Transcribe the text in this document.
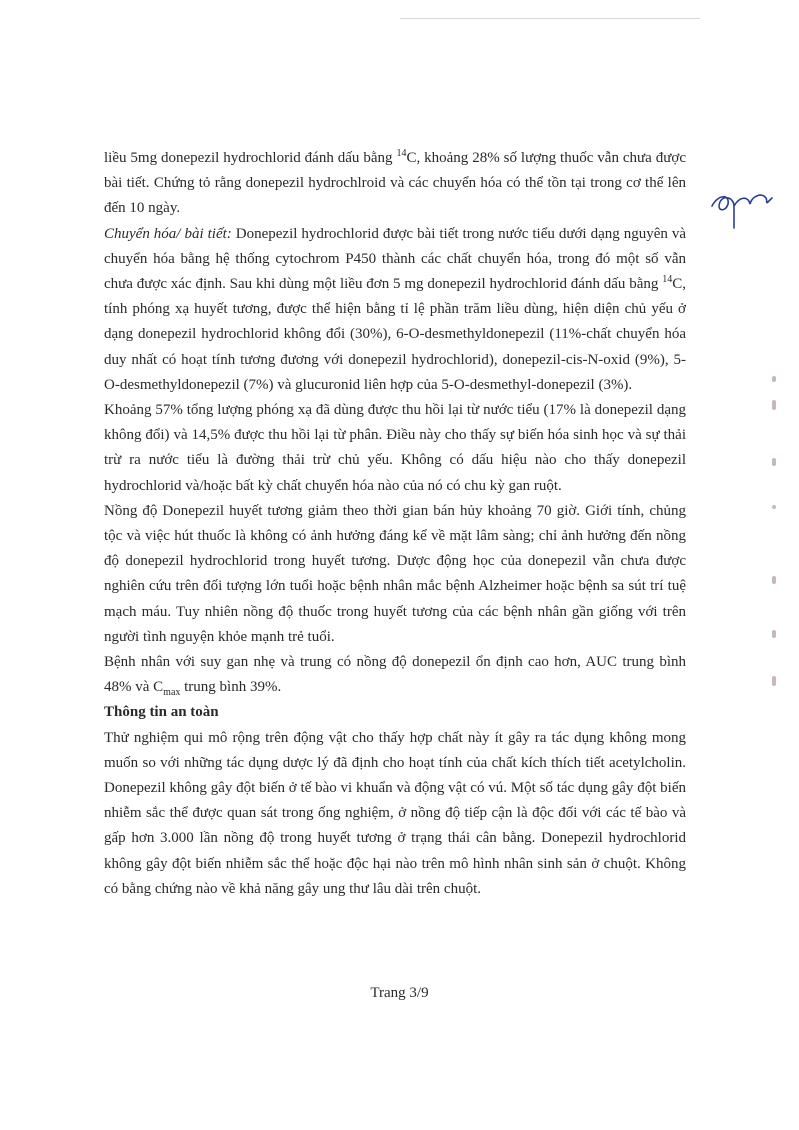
liều 5mg donepezil hydrochlorid đánh dấu bằng $^{14}$C, khoảng 28% số lượng thuốc vẫn chưa được bài tiết. Chứng tỏ rằng donepezil hydrochlroid và các chuyển hóa có thể tồn tại trong cơ thể lên đến 10 ngày.

Chuyển hóa/ bài tiết: Donepezil hydrochlorid được bài tiết trong nước tiểu dưới dạng nguyên và chuyển hóa bằng hệ thống cytochrom P450 thành các chất chuyển hóa, trong đó một số vẫn chưa được xác định. Sau khi dùng một liều đơn 5 mg donepezil hydrochlorid đánh dấu bằng $^{14}$C, tính phóng xạ huyết tương, được thể hiện bằng tỉ lệ phần trăm liều dùng, hiện diện chủ yếu ở dạng donepezil hydrochlorid không đổi (30%), 6-O-desmethyldonepezil (11%-chất chuyển hóa duy nhất có hoạt tính tương đương với donepezil hydrochlorid), donepezil-cis-N-oxid (9%), 5-O-desmethyldonepezil (7%) và glucuronid liên hợp của 5-O-desmethyl-donepezil (3%).

Khoảng 57% tổng lượng phóng xạ đã dùng được thu hồi lại từ nước tiểu (17% là donepezil dạng không đổi) và 14,5% được thu hồi lại từ phân. Điều này cho thấy sự biến hóa sinh học và sự thải trừ ra nước tiểu là đường thải trừ chủ yếu. Không có dấu hiệu nào cho thấy donepezil hydrochlorid và/hoặc bất kỳ chất chuyển hóa nào của nó có chu kỳ gan ruột.

Nồng độ Donepezil huyết tương giảm theo thời gian bán hủy khoảng 70 giờ. Giới tính, chủng tộc và việc hút thuốc là không có ảnh hưởng đáng kể về mặt lâm sàng; chỉ ảnh hưởng đến nồng độ donepezil hydrochlorid trong huyết tương. Dược động học của donepezil vẫn chưa được nghiên cứu trên đối tượng lớn tuổi hoặc bệnh nhân mắc bệnh Alzheimer hoặc bệnh sa sút trí tuệ mạch máu. Tuy nhiên nồng độ thuốc trong huyết tương của các bệnh nhân gần giống với trên người tình nguyện khỏe mạnh trẻ tuổi.

Bệnh nhân với suy gan nhẹ và trung có nồng độ donepezil ổn định cao hơn, AUC trung bình 48% và $C_{max}$ trung bình 39%.

Thông tin an toàn

Thử nghiệm qui mô rộng trên động vật cho thấy hợp chất này ít gây ra tác dụng không mong muốn so với những tác dụng dược lý đã định cho hoạt tính của chất kích thích tiết acetylcholin. Donepezil không gây đột biến ở tế bào vi khuẩn và động vật có vú. Một số tác dụng gây đột biến nhiễm sắc thể được quan sát trong ống nghiệm, ở nồng độ tiếp cận là độc đối với các tế bào và gấp hơn 3.000 lần nồng độ trong huyết tương ở trạng thái cân bằng. Donepezil hydrochlorid không gây đột biến nhiễm sắc thể hoặc độc hại nào trên mô hình nhân sinh sản ở chuột. Không có bằng chứng nào về khả năng gây ung thư lâu dài trên chuột.

Trang 3/9
